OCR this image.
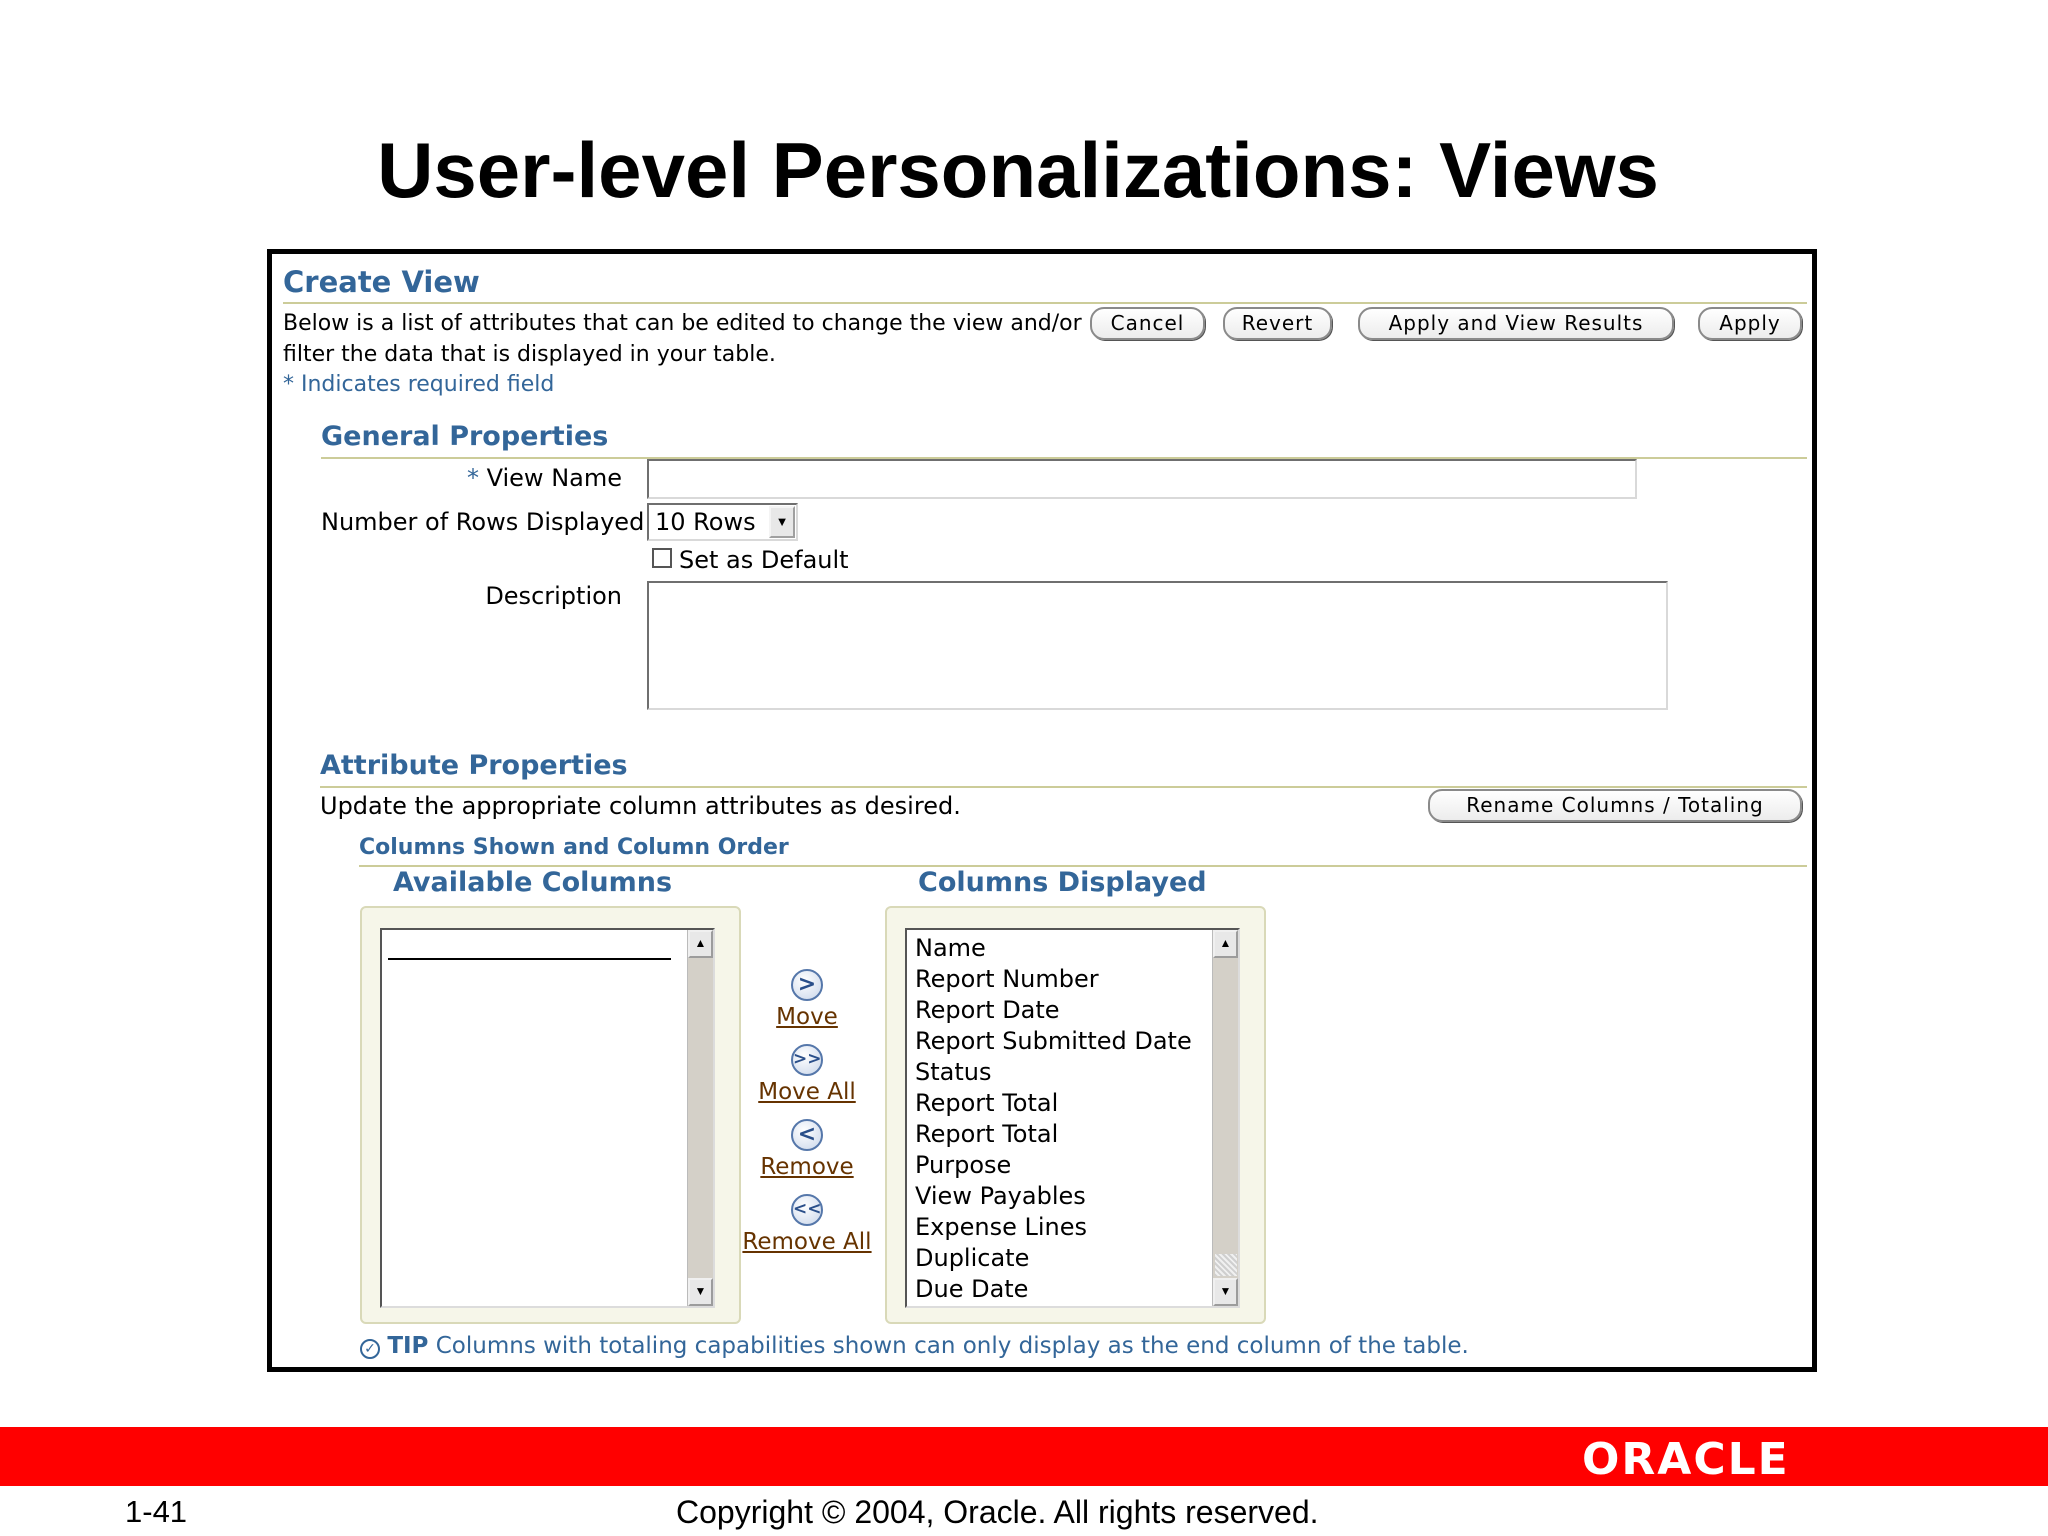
User-level Personalizations: Views
Create View
Below is a list of attributes that can be edited to change the view and/or
filter the data that is displayed in your table.
* Indicates required field
Cancel	Revert	Apply and View Results	Apply
General Properties
* View Name
Number of Rows Displayed 10 Rows	▼
Set as Default
Description
Attribute Properties
Update the appropriate column attributes as desired.	Rename Columns / Totaling
Columns Shown and Column Order
Available Columns	Columns Displayed
▲
▼
>
Move
>>
Move All
<
Remove
<<
Remove All
Name
Report Number
Report Date
Report Submitted Date
Status
Report Total
Report Total
Purpose
View Payables
Expense Lines
Duplicate
Due Date
▲
▼
✓ TIP Columns with totaling capabilities shown can only display as the end column of the table.
ORACLE
1-41	Copyright © 2004, Oracle. All rights reserved.
